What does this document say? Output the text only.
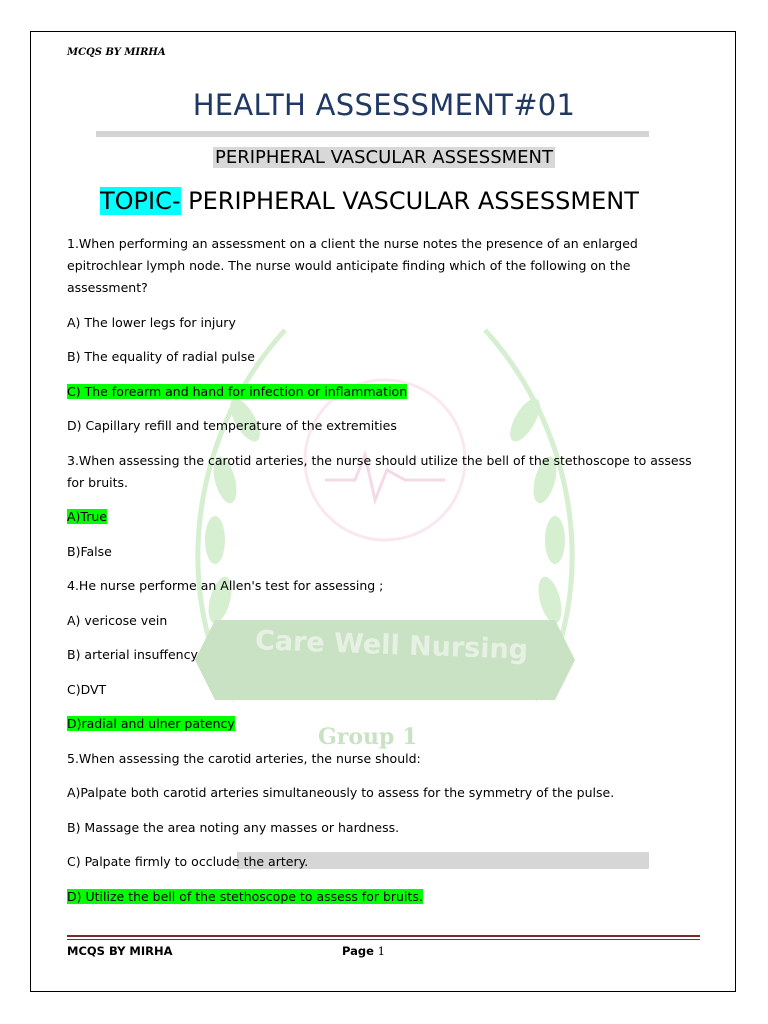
Care Well Nursing
Group 1
MCQS BY MIRHA
HEALTH ASSESSMENT#01
PERIPHERAL VASCULAR ASSESSMENT
TOPIC- PERIPHERAL VASCULAR ASSESSMENT

1.When performing an assessment on a client the nurse notes the presence of an enlarged epitrochlear lymph node. The nurse would anticipate finding which of the following on the assessment?

A) The lower legs for injury

B) The equality of radial pulse

C) The forearm and hand for infection or inflammation

D) Capillary refill and temperature of the extremities

3.When assessing the carotid arteries, the nurse should utilize the bell of the stethoscope to assess for bruits.

A)True

B)False

4.He nurse performe an Allen's test for assessing ;

A) vericose vein

B) arterial insuffency

C)DVT

D)radial and ulner patency

5.When assessing the carotid arteries, the nurse should:

A)Palpate both carotid arteries simultaneously to assess for the symmetry of the pulse.

B) Massage the area noting any masses or hardness.

C) Palpate firmly to occlude the artery.

D) Utilize the bell of the stethoscope to assess for bruits.

MCQS BY MIRHA	Page 1
